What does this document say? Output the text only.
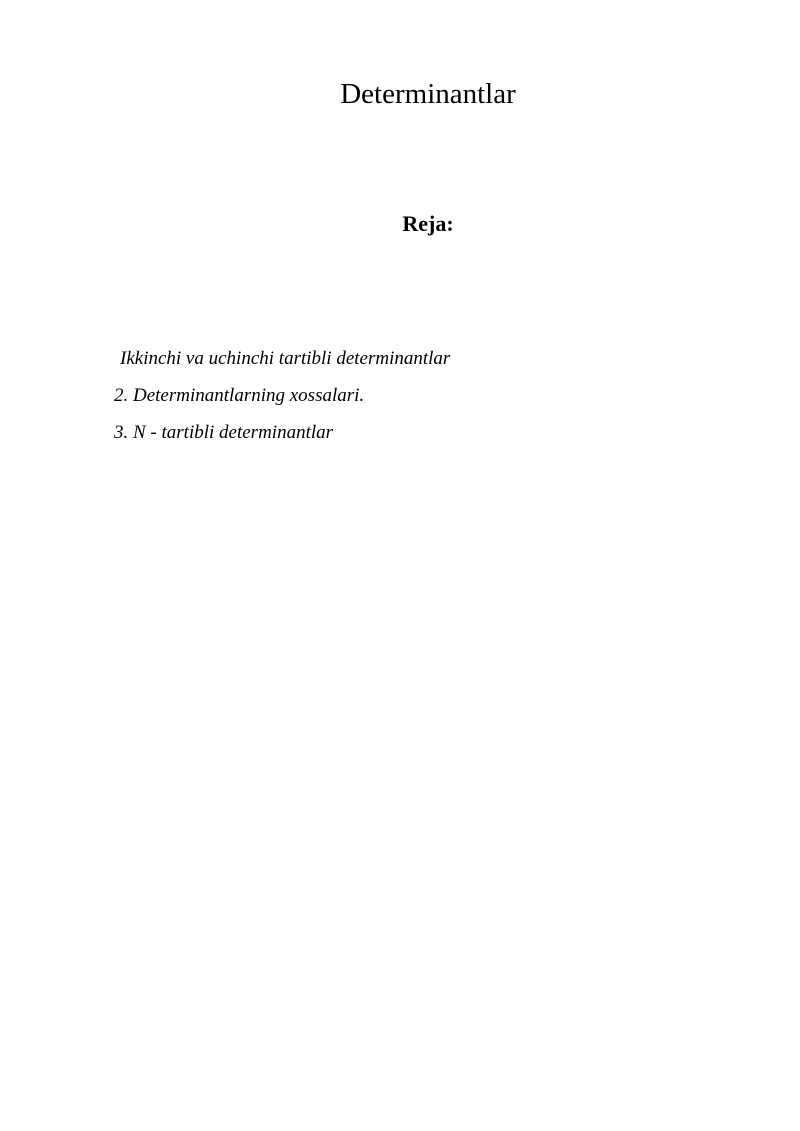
Determinantlar
Reja:
Ikkinchi va uchinchi tartibli determinantlar
2. Determinantlarning xossalari.
3. N - tartibli determinantlar
